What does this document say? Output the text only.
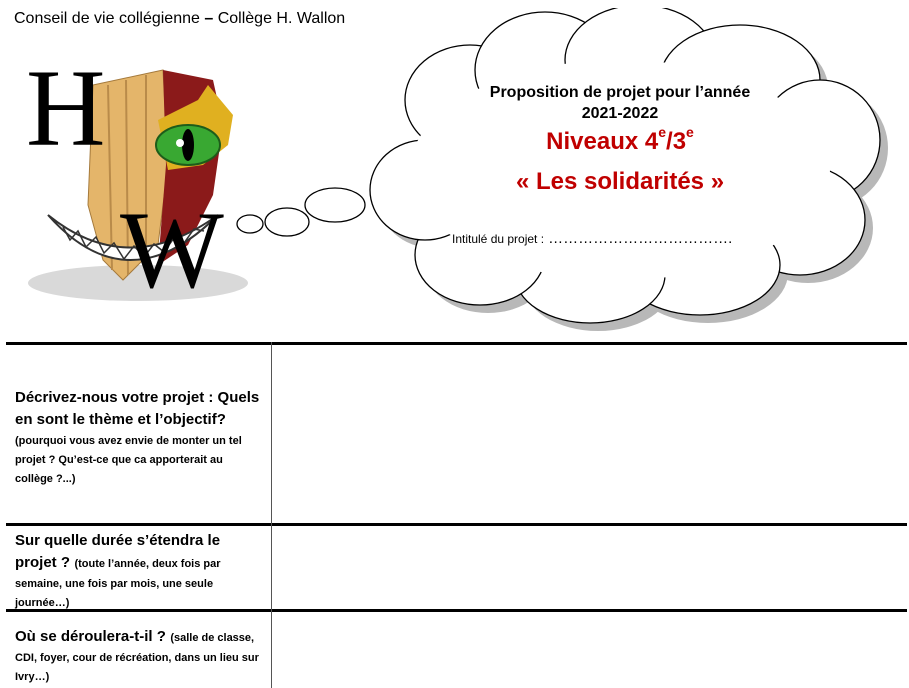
Conseil de vie collégienne – Collège H. Wallon
H
W
Proposition de projet pour l’année
2021-2022
Niveaux 4e/3e
« Les solidarités »
Intitulé du projet : ……………………………….
Décrivez-nous votre projet : Quels en sont le thème et l’objectif? (pourquoi vous avez envie de monter un tel projet ? Qu’est-ce que ca apporterait au collège ?...)
Sur quelle durée s’étendra le projet ? (toute l’année, deux fois par semaine, une fois par mois, une seule journée…)
Où se déroulera-t-il ? (salle de classe, CDI, foyer, cour de récréation, dans un lieu sur Ivry…)
